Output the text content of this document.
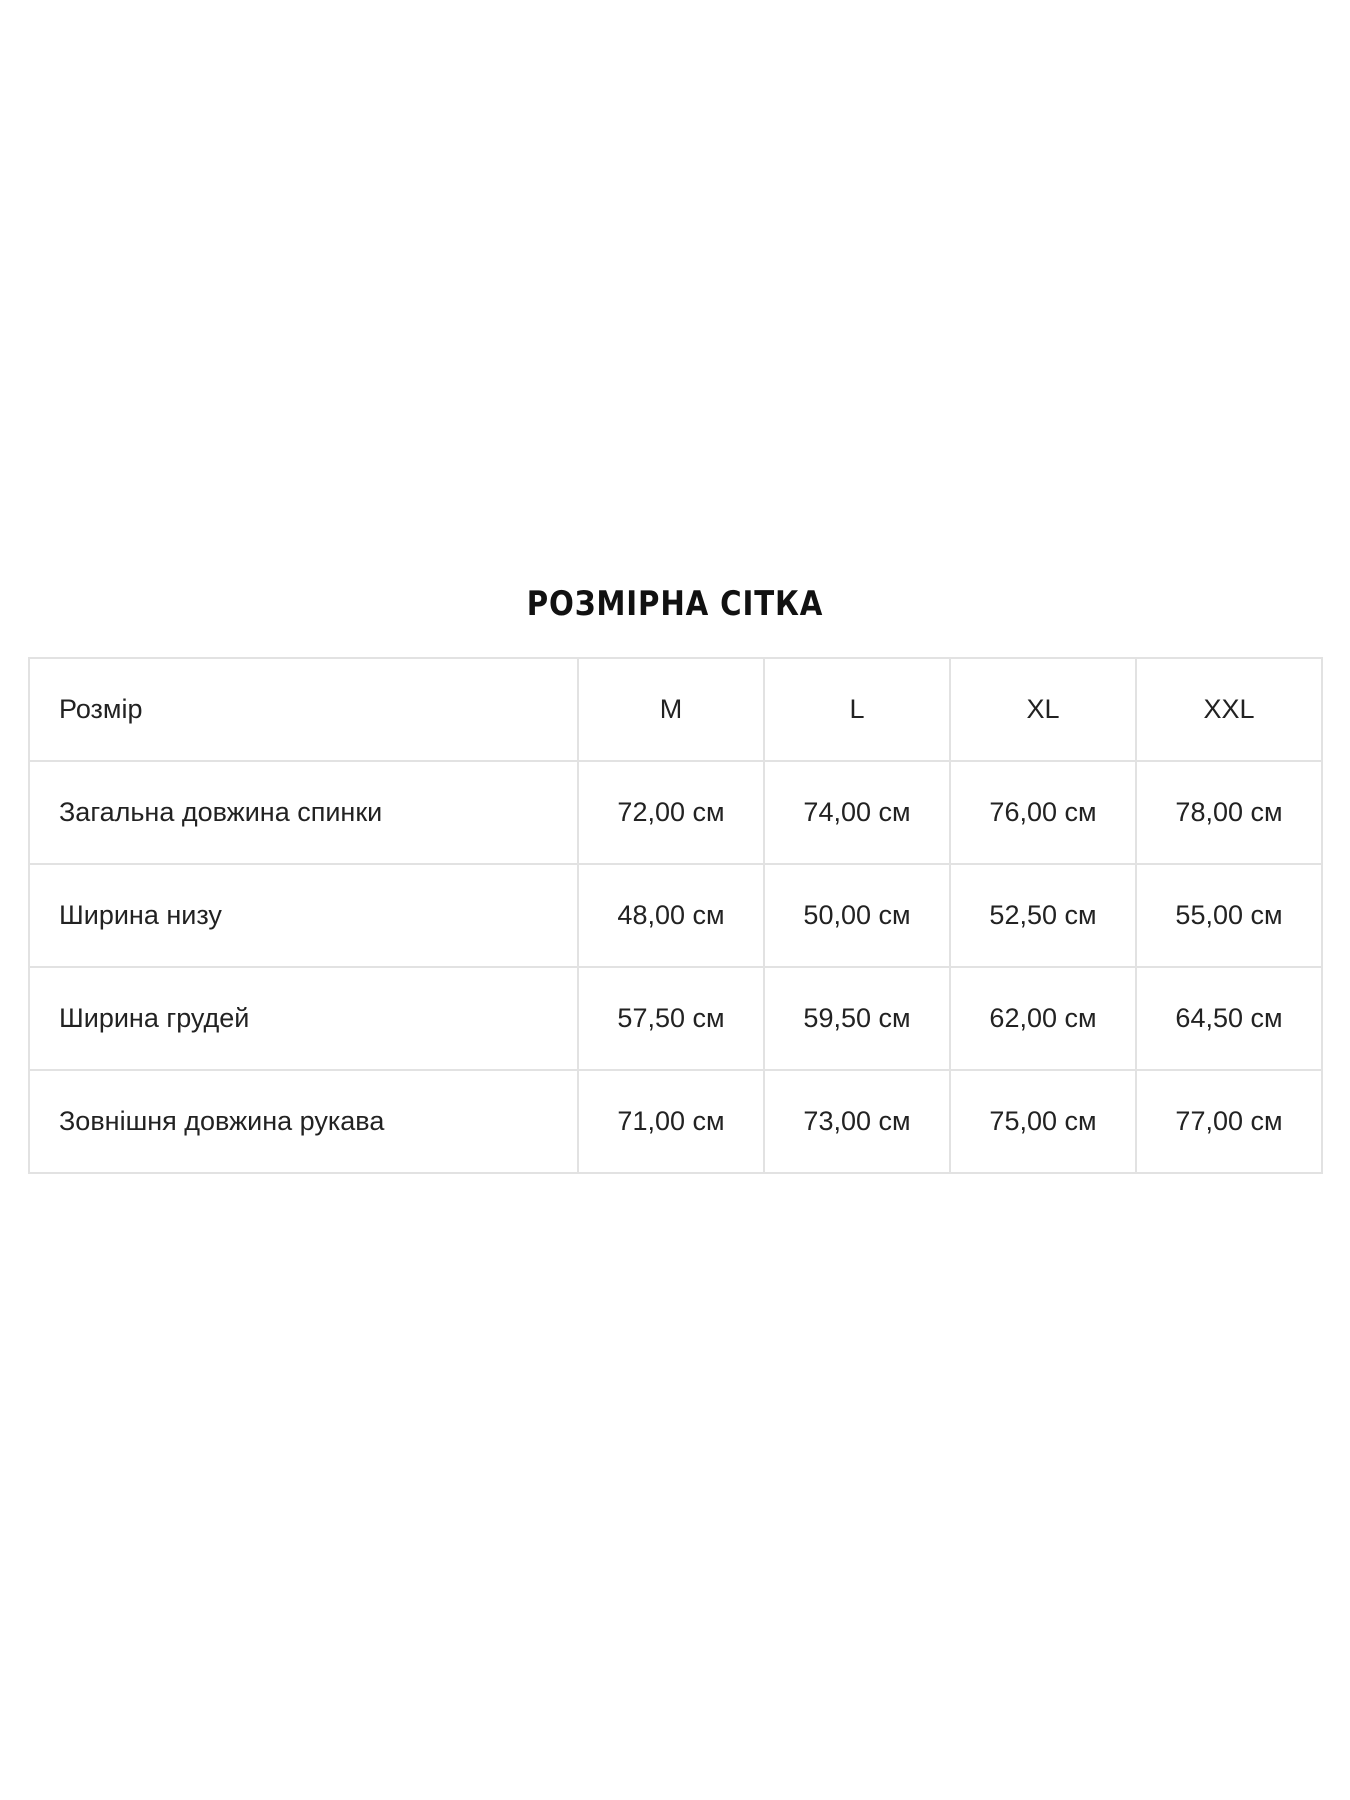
РОЗМІРНА СІТКА
Розмір	M	L	XL	XXL
Загальна довжина спинки	72,00 см	74,00 см	76,00 см	78,00 см
Ширина низу	48,00 см	50,00 см	52,50 см	55,00 см
Ширина грудей	57,50 см	59,50 см	62,00 см	64,50 см
Зовнішня довжина рукава	71,00 см	73,00 см	75,00 см	77,00 см
